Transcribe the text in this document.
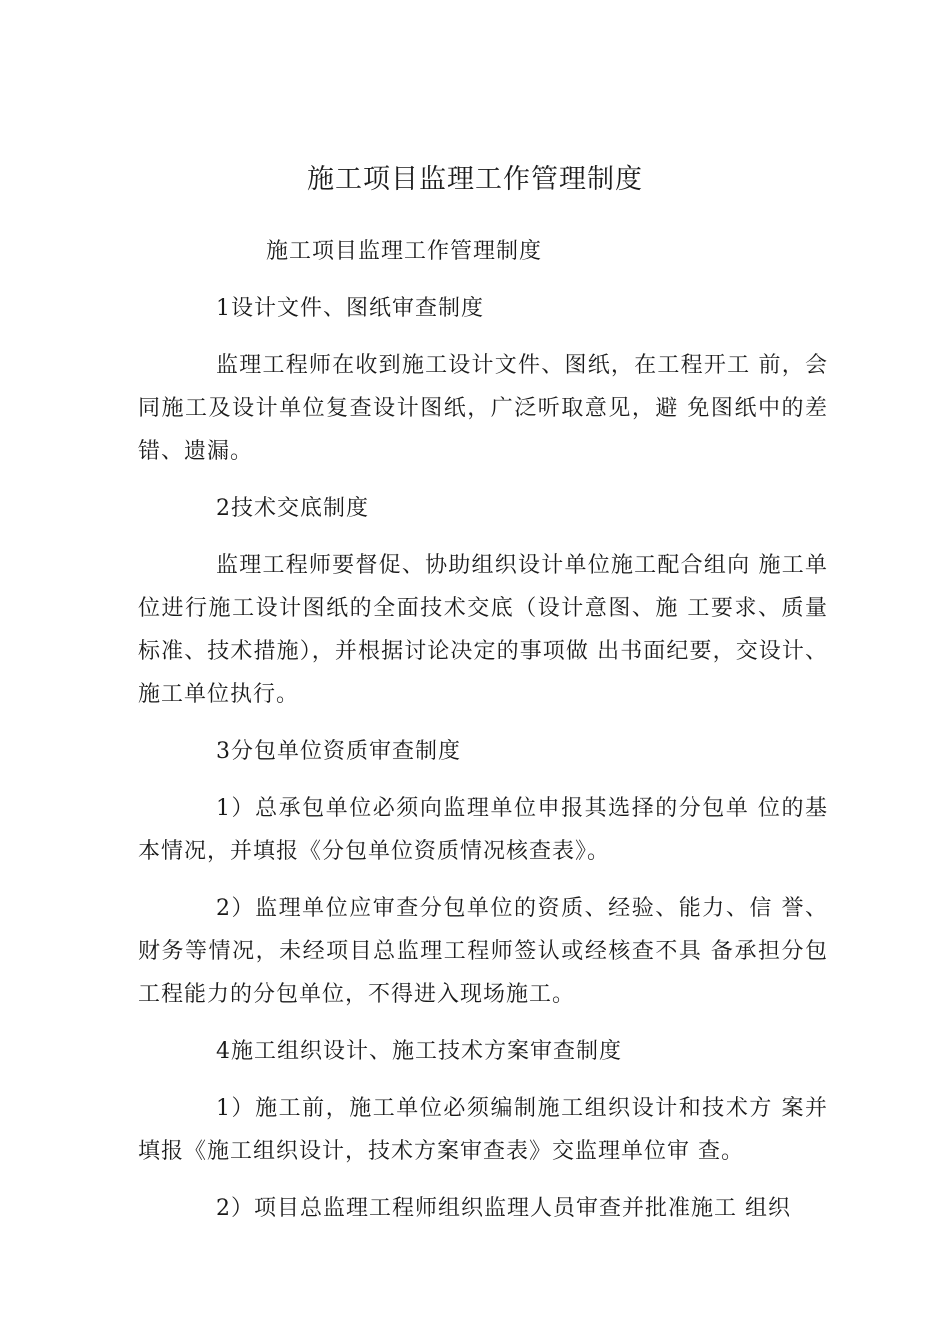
施工项目监理工作管理制度

施工项目监理工作管理制度

1设计文件、图纸审查制度

监理工程师在收到施工设计文件、图纸，在工程开工 前，会同施工及设计单位复查设计图纸，广泛听取意见，避 免图纸中的差错、遗漏。

2技术交底制度

监理工程师要督促、协助组织设计单位施工配合组向 施工单位进行施工设计图纸的全面技术交底（设计意图、施 工要求、质量标准、技术措施），并根据讨论决定的事项做 出书面纪要，交设计、施工单位执行。

3分包单位资质审查制度

1）总承包单位必须向监理单位申报其选择的分包单 位的基本情况，并填报《分包单位资质情况核查表》。

2）监理单位应审查分包单位的资质、经验、能力、信 誉、财务等情况，未经项目总监理工程师签认或经核查不具 备承担分包工程能力的分包单位，不得进入现场施工。

4施工组织设计、施工技术方案审查制度

1）施工前，施工单位必须编制施工组织设计和技术方 案并填报《施工组织设计，技术方案审查表》交监理单位审 查。

2）项目总监理工程师组织监理人员审查并批准施工 组织
